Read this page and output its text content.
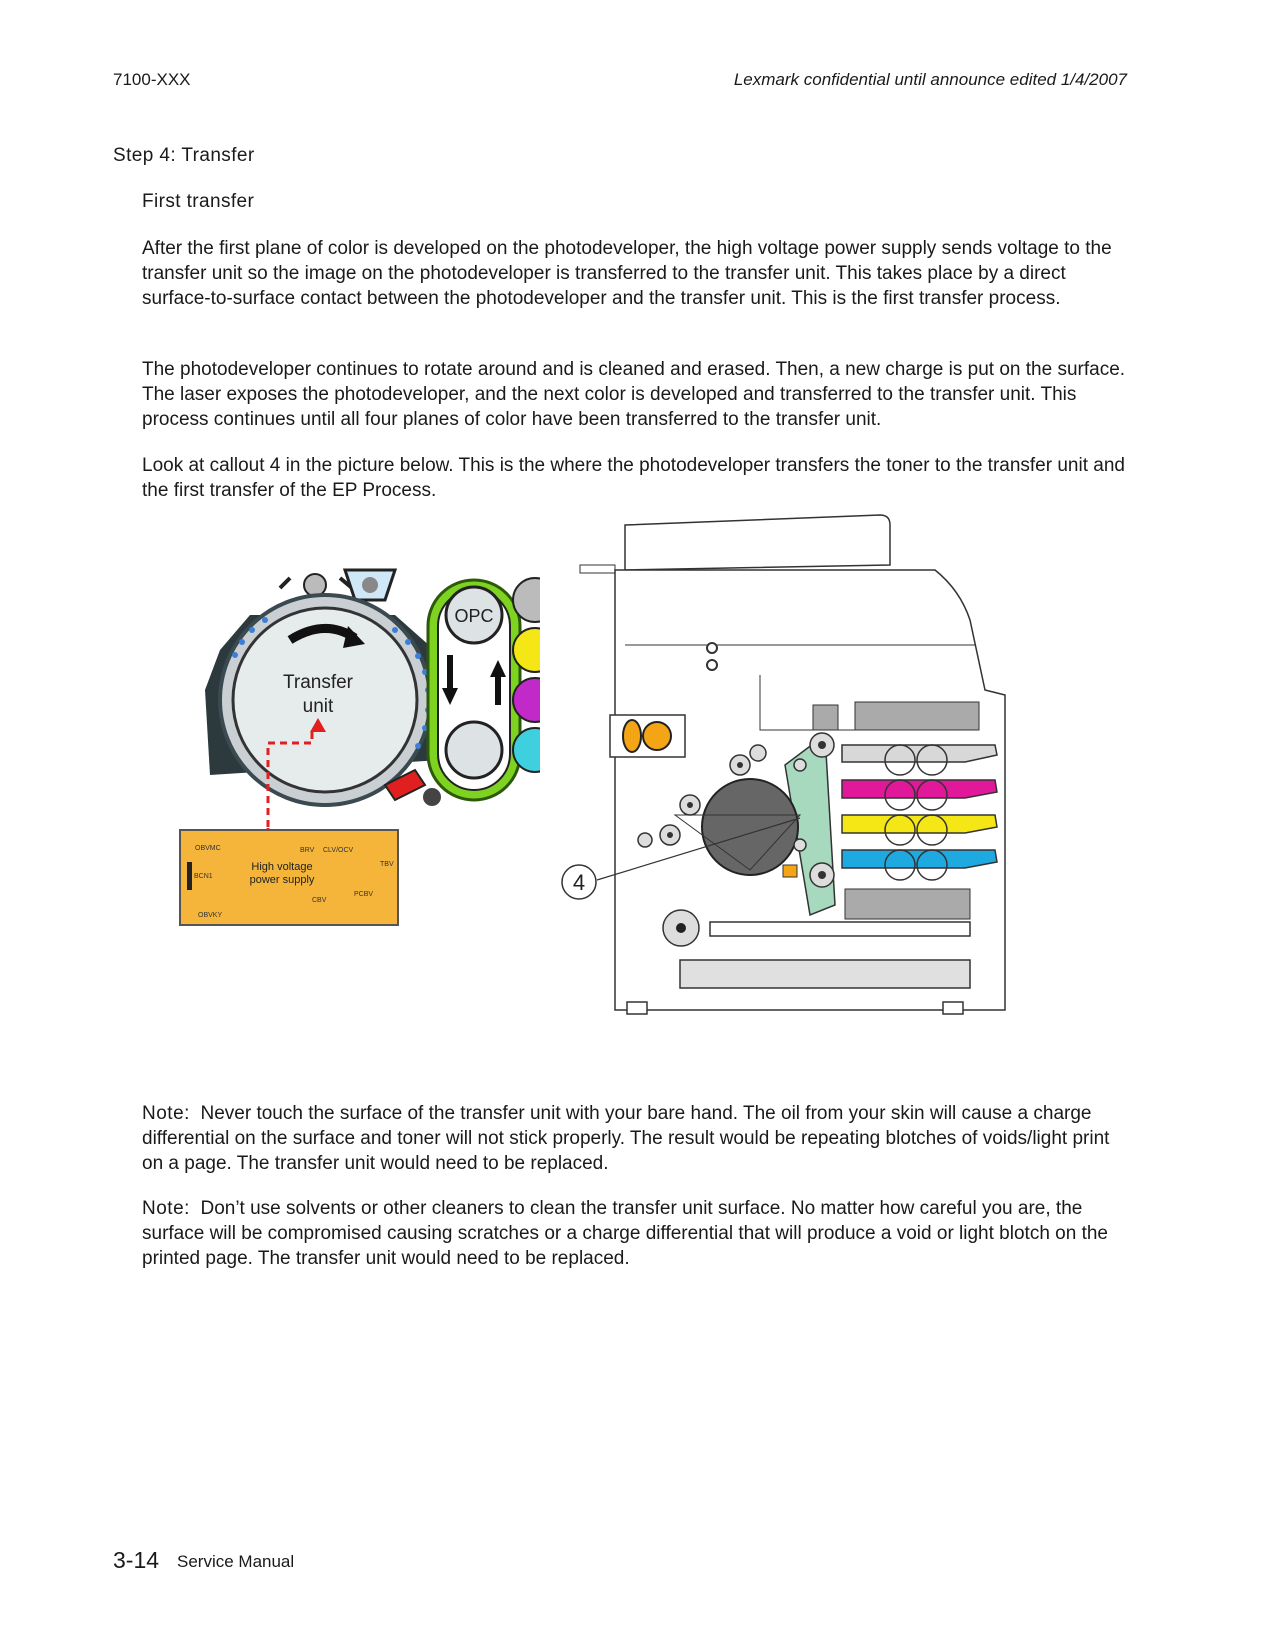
7100-XXX	Lexmark confidential until announce edited 1/4/2007
Step 4: Transfer
First transfer

After the first plane of color is developed on the photodeveloper, the high voltage power supply sends voltage to the transfer unit so the image on the photodeveloper is transferred to the transfer unit. This takes place by a direct surface-to-surface contact between the photodeveloper and the transfer unit. This is the first transfer process.

The photodeveloper continues to rotate around and is cleaned and erased. Then, a new charge is put on the surface. The laser exposes the photodeveloper, and the next color is developed and transferred to the transfer unit. This process continues until all four planes of color have been transferred to the transfer unit.

Look at callout 4 in the picture below. This is the where the photodeveloper transfers the toner to the transfer unit and the first transfer of the EP Process.

Transfer
unit
OPC
High voltage
power supply
OBVMC	BRV CLV/OCV
TBV
BCN1
CBV
PCBV
OBVKY
4

Note: Never touch the surface of the transfer unit with your bare hand. The oil from your skin will cause a charge differential on the surface and toner will not stick properly. The result would be repeating blotches of voids/light print on a page. The transfer unit would need to be replaced.

Note: Don’t use solvents or other cleaners to clean the transfer unit surface. No matter how careful you are, the surface will be compromised causing scratches or a charge differential that will produce a void or light blotch on the printed page. The transfer unit would need to be replaced.

3-14 Service Manual
